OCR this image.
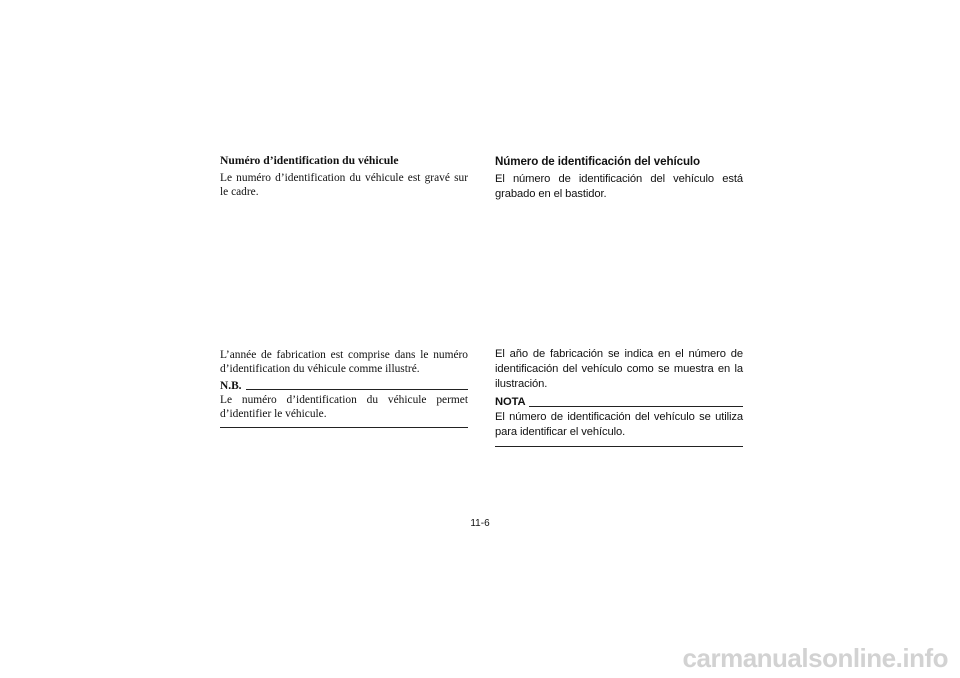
Numéro d’identification du véhicule

Le numéro d’identification du véhicule est gravé sur le cadre.

L’année de fabrication est comprise dans le numéro d’identification du véhicule comme illustré.

N.B.

Le numéro d’identification du véhicule permet d’identifier le véhicule.

Número de identificación del vehículo

El número de identificación del vehículo está grabado en el bastidor.

El año de fabricación se indica en el número de identificación del vehículo como se muestra en la ilustración.

NOTA

El número de identificación del vehículo se utiliza para identificar el vehículo.

11-6
carmanualsonline.info
